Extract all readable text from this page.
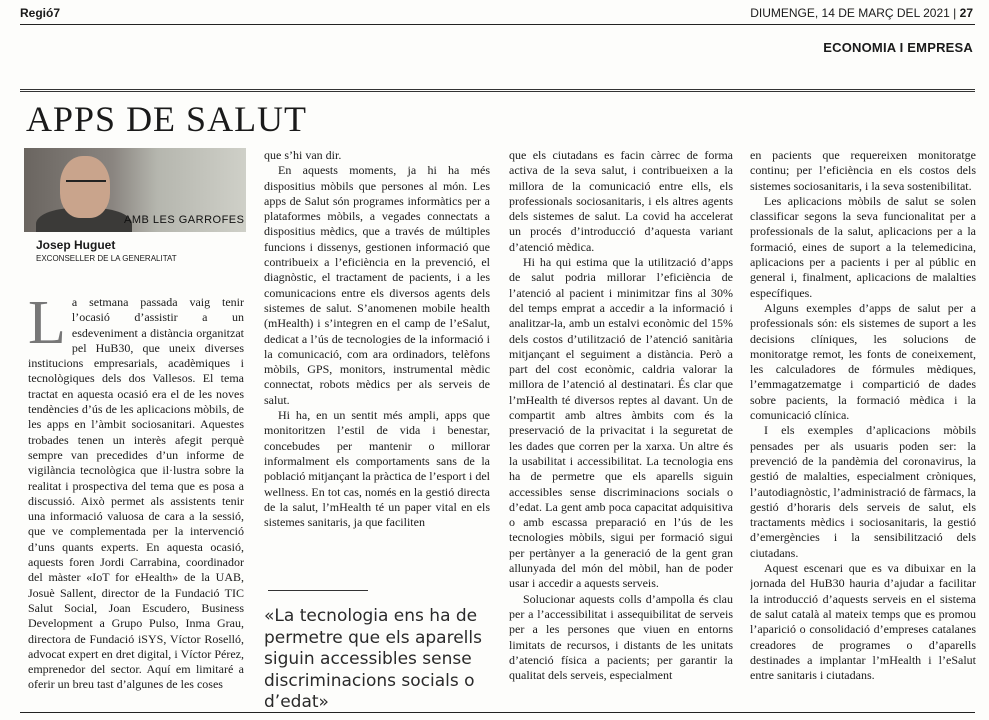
Regió7	DIUMENGE, 14 DE MARÇ DEL 2021 | 27
ECONOMIA I EMPRESA
APPS DE SALUT
AMB LES GARROFES
Josep Huguet
EXCONSELLER DE LA GENERALITAT
L a setmana passada vaig tenir l’ocasió d’assistir a un esdeveniment a distància organitzat pel HuB30, que uneix diverses institucions empresarials, acadèmiques i tecnològiques dels dos Vallesos. El tema tractat en aquesta ocasió era el de les noves tendències d’ús de les aplicacions mòbils, de les apps en l’àmbit sociosanitari. Aquestes trobades tenen un interès afegit perquè sempre van precedides d’un informe de vigilància tecnològica que il·lustra sobre la realitat i prospectiva del tema que es posa a discussió. Això permet als assistents tenir una informació valuosa de cara a la sessió, que ve complementada per la intervenció d’uns quants experts. En aquesta ocasió, aquests foren Jordi Carrabina, coordinador del màster «IoT for eHealth» de la UAB, Josuè Sallent, director de la Fundació TIC Salut Social, Joan Escudero, Business Development a Grupo Pulso, Inma Grau, directora de Fundació iSYS, Víctor Roselló, advocat expert en dret digital, i Víctor Pérez, emprenedor del sector. Aquí em limitaré a oferir un breu tast d’algunes de les coses

que s’hi van dir.

En aquests moments, ja hi ha més dispositius mòbils que persones al món. Les apps de Salut són programes informàtics per a plataformes mòbils, a vegades connectats a dispositius mèdics, que a través de múltiples funcions i dissenys, gestionen informació que contribueix a l’eficiència en la prevenció, el diagnòstic, el tractament de pacients, i a les comunicacions entre els diversos agents dels sistemes de salut. S’anomenen mobile health (mHealth) i s’integren en el camp de l’eSalut, dedicat a l’ús de tecnologies de la informació i la comunicació, com ara ordinadors, telèfons mòbils, GPS, monitors, instrumental mèdic connectat, robots mèdics per als serveis de salut.

Hi ha, en un sentit més ampli, apps que monitoritzen l’estil de vida i benestar, concebudes per mantenir o millorar informalment els comportaments sans de la població mitjançant la pràctica de l’esport i del wellness. En tot cas, només en la gestió directa de la salut, l’mHealth té un paper vital en els sistemes sanitaris, ja que faciliten

«La tecnologia ens ha de permetre que els aparells siguin accessibles sense discriminacions socials o d’edat»

que els ciutadans es facin càrrec de forma activa de la seva salut, i contribueixen a la millora de la comunicació entre ells, els professionals sociosanitaris, i els altres agents dels sistemes de salut. La covid ha accelerat un procés d’introducció d’aquesta variant d’atenció mèdica.

Hi ha qui estima que la utilització d’apps de salut podria millorar l’eficiència de l’atenció al pacient i minimitzar fins al 30% del temps emprat a accedir a la informació i analitzar-la, amb un estalvi econòmic del 15% dels costos d’utilització de l’atenció sanitària mitjançant el seguiment a distància. Però a part del cost econòmic, caldria valorar la millora de l’atenció al destinatari. És clar que l’mHealth té diversos reptes al davant. Un de compartit amb altres àmbits com és la preservació de la privacitat i la seguretat de les dades que corren per la xarxa. Un altre és la usabilitat i accessibilitat. La tecnologia ens ha de permetre que els aparells siguin accessibles sense discriminacions socials o d’edat. La gent amb poca capacitat adquisitiva o amb escassa preparació en l’ús de les tecnologies mòbils, sigui per formació sigui per pertànyer a la generació de la gent gran allunyada del món del mòbil, han de poder usar i accedir a aquests serveis.

Solucionar aquests colls d’ampolla és clau per a l’accessibilitat i assequibilitat de serveis per a les persones que viuen en entorns limitats de recursos, i distants de les unitats d’atenció física a pacients; per garantir la qualitat dels serveis, especialment

en pacients que requereixen monitoratge continu; per l’eficiència en els costos dels sistemes sociosanitaris, i la seva sostenibilitat.

Les aplicacions mòbils de salut se solen classificar segons la seva funcionalitat per a professionals de la salut, aplicacions per a la formació, eines de suport a la telemedicina, aplicacions per a pacients i per al públic en general i, finalment, aplicacions de malalties específiques.

Alguns exemples d’apps de salut per a professionals són: els sistemes de suport a les decisions clíniques, les solucions de monitoratge remot, les fonts de coneixement, les calculadores de fórmules mèdiques, l’emmagatzematge i compartició de dades sobre pacients, la formació mèdica i la comunicació clínica.

I els exemples d’aplicacions mòbils pensades per als usuaris poden ser: la prevenció de la pandèmia del coronavirus, la gestió de malalties, especialment cròniques, l’autodiagnòstic, l’administració de fàrmacs, la gestió d’horaris dels serveis de salut, els tractaments mèdics i sociosanitaris, la gestió d’emergències i la sensibilització dels ciutadans.

Aquest escenari que es va dibuixar en la jornada del HuB30 hauria d’ajudar a facilitar la introducció d’aquests serveis en el sistema de salut català al mateix temps que es promou l’aparició o consolidació d’empreses catalanes creadores de programes o d’aparells destinades a implantar l’mHealth i l’eSalut entre sanitaris i ciutadans.
